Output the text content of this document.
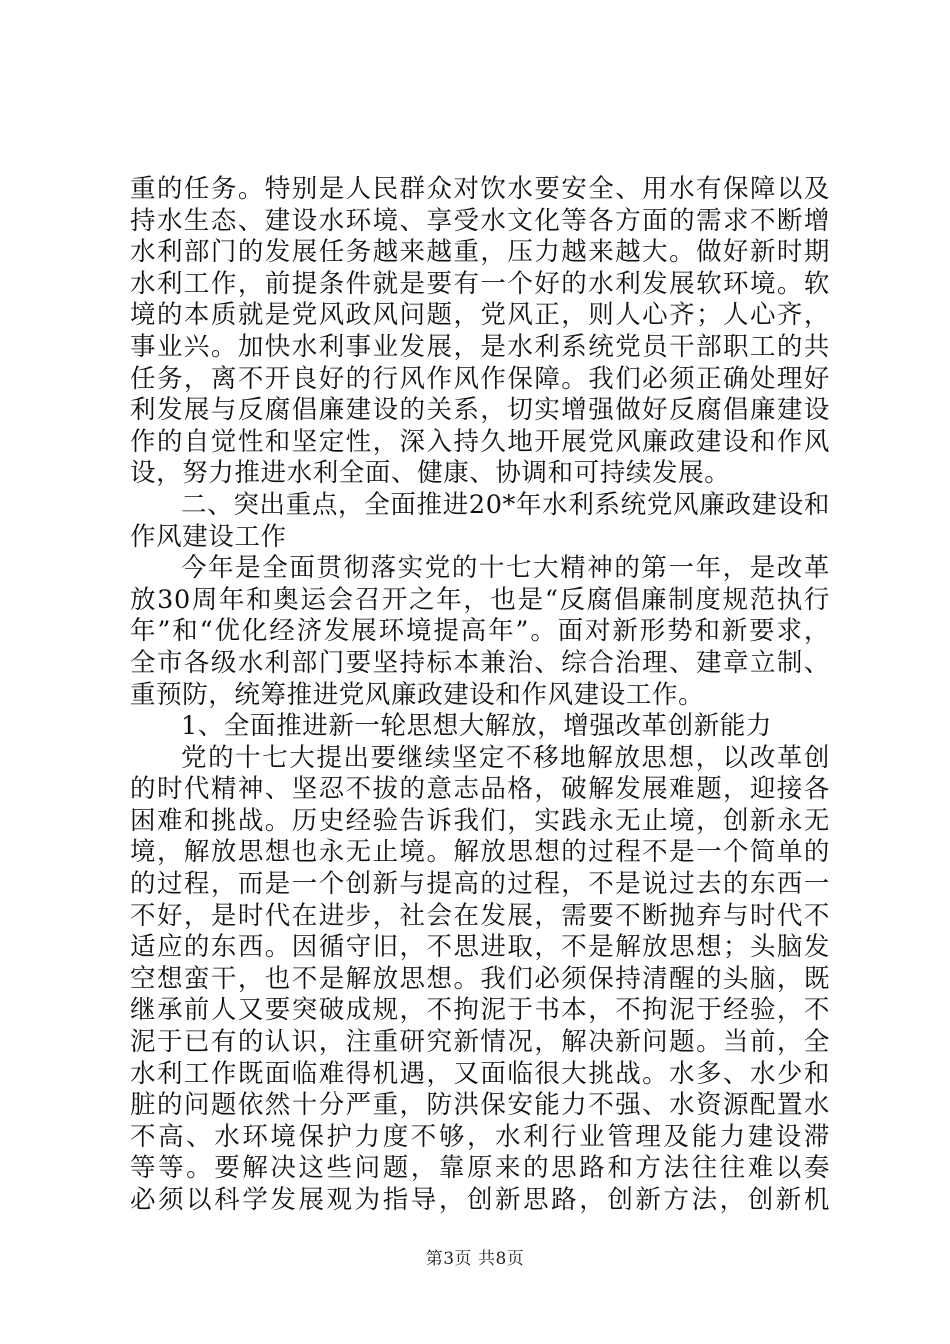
重的任务。特别是人民群众对饮水要安全、用水有保障以及
持水生态、建设水环境、享受水文化等各方面的需求不断增
水利部门的发展任务越来越重，压力越来越大。做好新时期
水利工作，前提条件就是要有一个好的水利发展软环境。软
境的本质就是党风政风问题，党风正，则人心齐；人心齐，
事业兴。加快水利事业发展，是水利系统党员干部职工的共
任务，离不开良好的行风作风作保障。我们必须正确处理好
利发展与反腐倡廉建设的关系，切实增强做好反腐倡廉建设
作的自觉性和坚定性，深入持久地开展党风廉政建设和作风
设，努力推进水利全面、健康、协调和可持续发展。
二、突出重点，全面推进20*年水利系统党风廉政建设和
作风建设工作
今年是全面贯彻落实党的十七大精神的第一年，是改革
放30周年和奥运会召开之年，也是“反腐倡廉制度规范执行
年”和“优化经济发展环境提高年”。面对新形势和新要求，
全市各级水利部门要坚持标本兼治、综合治理、建章立制、
重预防，统筹推进党风廉政建设和作风建设工作。
1、全面推进新一轮思想大解放，增强改革创新能力
党的十七大提出要继续坚定不移地解放思想，以改革创
的时代精神、坚忍不拔的意志品格，破解发展难题，迎接各
困难和挑战。历史经验告诉我们，实践永无止境，创新永无
境，解放思想也永无止境。解放思想的过程不是一个简单的
的过程，而是一个创新与提高的过程，不是说过去的东西一
不好，是时代在进步，社会在发展，需要不断抛弃与时代不
适应的东西。因循守旧，不思进取，不是解放思想；头脑发
空想蛮干，也不是解放思想。我们必须保持清醒的头脑，既
继承前人又要突破成规，不拘泥于书本，不拘泥于经验，不
泥于已有的认识，注重研究新情况，解决新问题。当前，全
水利工作既面临难得机遇，又面临很大挑战。水多、水少和
脏的问题依然十分严重，防洪保安能力不强、水资源配置水
不高、水环境保护力度不够，水利行业管理及能力建设滞
等等。要解决这些问题，靠原来的思路和方法往往难以奏
必须以科学发展观为指导，创新思路，创新方法，创新机
第3页 共8页
